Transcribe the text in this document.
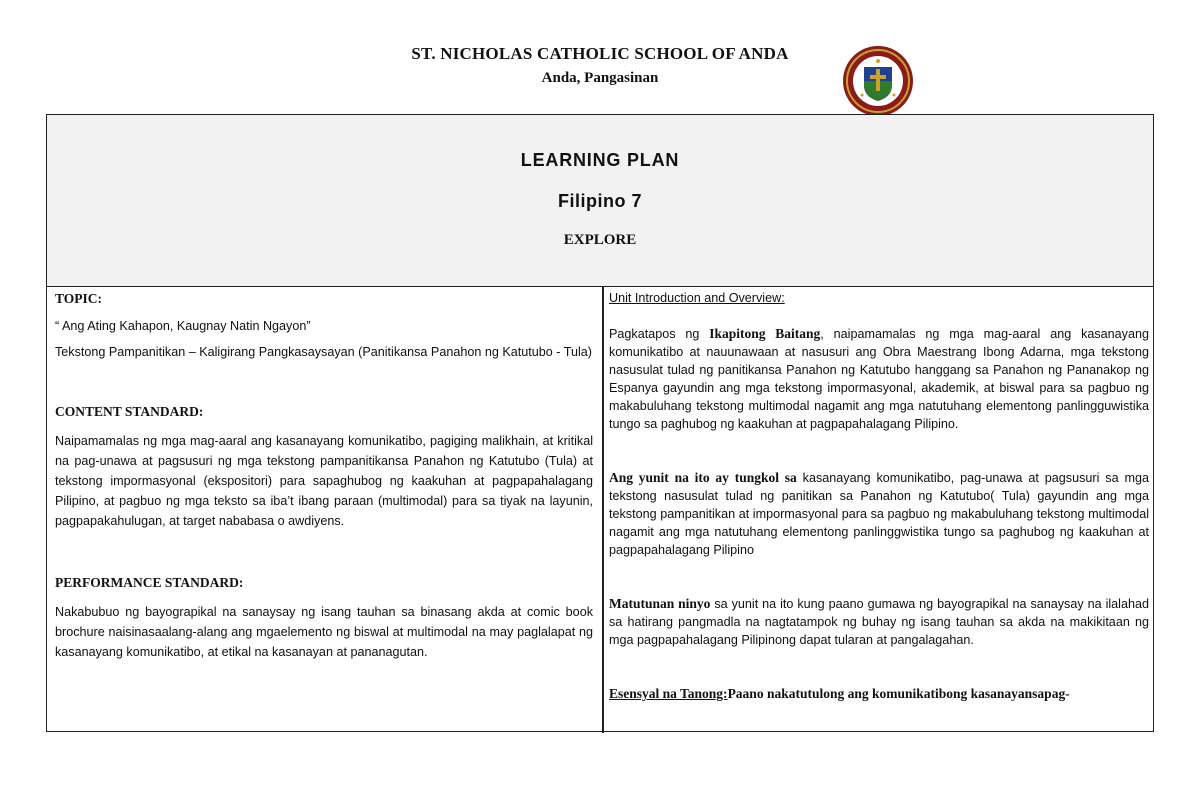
ST. NICHOLAS CATHOLIC SCHOOL OF ANDA
Anda, Pangasinan
LEARNING PLAN
Filipino 7
EXPLORE
TOPIC:
“ Ang Ating Kahapon, Kaugnay Natin Ngayon”

Tekstong Pampanitikan – Kaligirang Pangkasaysayan (Panitikansa Panahon ng Katutubo - Tula)

CONTENT STANDARD:

Naipamamalas ng mga mag-aaral ang kasanayang komunikatibo, pagiging malikhain, at kritikal na pag-unawa at pagsusuri ng mga tekstong pampanitikansa Panahon ng Katutubo (Tula) at tekstong impormasyonal (ekspositori) para sapaghubog ng kaakuhan at pagpapahalagang Pilipino, at pagbuo ng mga teksto sa iba’t ibang paraan (multimodal) para sa tiyak na layunin, pagpapakahulugan, at target nababasa o awdiyens.

PERFORMANCE STANDARD:

Nakabubuo ng bayograpikal na sanaysay ng isang tauhan sa binasang akda at comic book brochure naisinasaalang-alang ang mgaelemento ng biswal at multimodal na may paglalapat ng kasanayang komunikatibo, at etikal na kasanayan at pananagutan.

Unit Introduction and Overview:

Pagkatapos ng Ikapitong Baitang, naipamamalas ng mga mag-aaral ang kasanayang komunikatibo at nauunawaan at nasusuri ang Obra Maestrang Ibong Adarna, mga tekstong nasusulat tulad ng panitikansa Panahon ng Katutubo hanggang sa Panahon ng Pananakop ng Espanya gayundin ang mga tekstong impormasyonal, akademik, at biswal para sa pagbuo ng makabuluhang tekstong multimodal nagamit ang mga natutuhang elementong panlingguwistika tungo sa paghubog ng kaakuhan at pagpapahalagang Pilipino.

Ang yunit na ito ay tungkol sa kasanayang komunikatibo, pag-unawa at pagsusuri sa mga tekstong nasusulat tulad ng panitikan sa Panahon ng Katutubo( Tula) gayundin ang mga tekstong pampanitikan at impormasyonal para sa pagbuo ng makabuluhang tekstong multimodal nagamit ang mga natutuhang elementong panlinggwistika tungo sa paghubog ng kaakuhan at pagpapahalagang Pilipino

Matutunan ninyo sa yunit na ito kung paano gumawa ng bayograpikal na sanaysay na ilalahad sa hatirang pangmadla na nagtatampok ng buhay ng isang tauhan sa akda na makikitaan ng mga pagpapahalagang Pilipinong dapat tularan at pangalagahan.

Esensyal na Tanong:Paano nakatutulong ang komunikatibong kasanayansapag-
